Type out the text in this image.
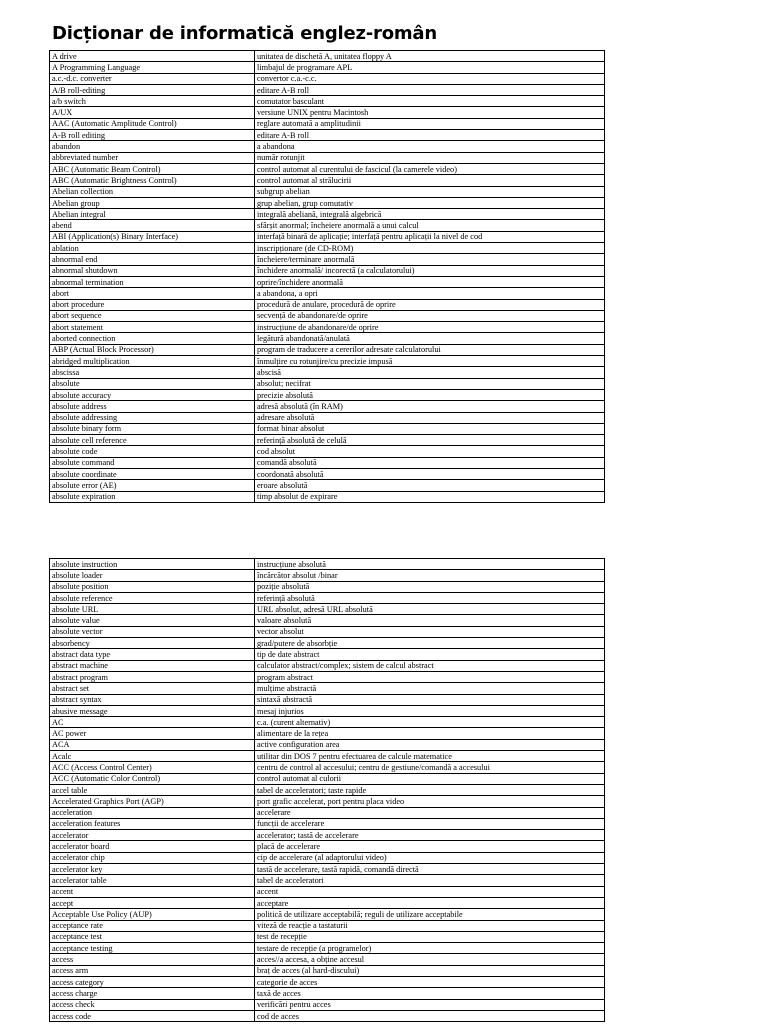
Dicționar de informatică englez-român
A drive	unitatea de dischetă A, unitatea floppy A
A Programming Language	limbajul de programare APL
a.c.-d.c. converter	convertor c.a.-c.c.
A/B roll-editing	editare A-B roll
a/b switch	comutator basculant
A/UX	versiune UNIX pentru Macintosh
AAC (Automatic Amplitude Control)	reglare automată a amplitudinii
A-B roll editing	editare A-B roll
abandon	a abandona
abbreviated number	număr rotunjit
ABC (Automatic Beam Control)	control automat al curentului de fascicul (la camerele video)
ABC (Automatic Brightness Control)	control automat al strălucirii
Abelian collection	subgrup abelian
Abelian group	grup abelian, grup comutativ
Abelian integral	integrală abeliană, integrală algebrică
abend	sfârșit anormal; încheiere anormală a unui calcul
ABI (Application(s) Binary Interface)	interfață binară de aplicație; interfață pentru aplicații la nivel de cod
ablation	inscripționare (de CD-ROM)
abnormal end	încheiere/terminare anormală
abnormal shutdown	închidere anormală/ incorectă (a calculatorului)
abnormal termination	oprire/închidere anormală
abort	a abandona, a opri
abort procedure	procedură de anulare, procedură de oprire
abort sequence	secvență de abandonare/de oprire
abort statement	instrucțiune de abandonare/de oprire
aborted connection	legătură abandonată/anulată
ABP (Actual Block Processor)	program de traducere a cererilor adresate calculatorului
abridged multiplication	înmulțire cu rotunjire/cu precizie impusă
abscissa	abscisă
absolute	absolut; necifrat
absolute accuracy	precizie absolută
absolute address	adresă absolută (în RAM)
absolute addressing	adresare absolută
absolute binary form	format binar absolut
absolute cell reference	referință absolută de celulă
absolute code	cod absolut
absolute command	comandă absolută
absolute coordinate	coordonată absolută
absolute error (AE)	eroare absolută
absolute expiration	timp absolut de expirare
absolute instruction	instrucțiune absolută
absolute loader	încărcător absolut /binar
absolute position	poziție absolută
absolute reference	referință absolută
absolute URL	URL absolut, adresă URL absolută
absolute value	valoare absolută
absolute vector	vector absolut
absorbency	grad/putere de absorbție
abstract data type	tip de date abstract
abstract machine	calculator abstract/complex; sistem de calcul abstract
abstract program	program abstract
abstract set	mulțime abstractă
abstract syntax	sintaxă abstractă
abusive message	mesaj injurios
AC	c.a. (curent alternativ)
AC power	alimentare de la rețea
ACA	active configuration area
Acalc	utilitar din DOS 7 pentru efectuarea de calcule matematice
ACC (Access Control Center)	centru de control al accesului; centru de gestiune/comandă a accesului
ACC (Automatic Color Control)	control automat al culorii
accel table	tabel de acceleratori; taste rapide
Accelerated Graphics Port (AGP)	port grafic accelerat, port pentru placa video
acceleration	accelerare
acceleration features	funcții de accelerare
accelerator	accelerator; tastă de accelerare
accelerator board	placă de accelerare
accelerator chip	cip de accelerare (al adaptorului video)
accelerator key	tastă de accelerare, tastă rapidă, comandă directă
accelerator table	tabel de acceleratori
accent	accent
accept	acceptare
Acceptable Use Policy (AUP)	politică de utilizare acceptabilă; reguli de utilizare acceptabile
acceptance rate	viteză de reacție a tastaturii
acceptance test	test de recepție
acceptance testing	testare de recepție (a programelor)
access	acces//a accesa, a obține accesul
access arm	braț de acces (al hard-discului)
access category	categorie de acces
access charge	taxă de acces
access check	verificări pentru acces
access code	cod de acces
